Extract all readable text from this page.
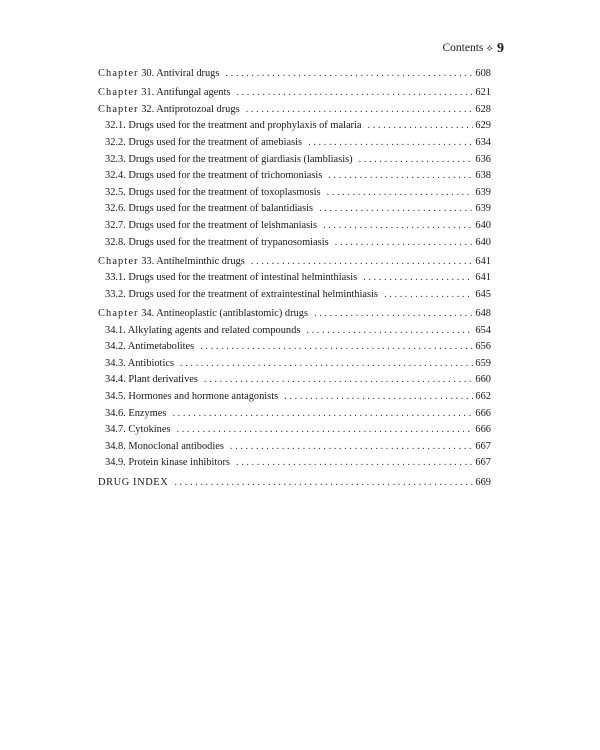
Contents ⟡ 9
Chapter 30. Antiviral drugs . . .	608
Chapter 31. Antifungal agents . . .	621
Chapter 32. Antiprotozoal drugs . . .	628
32.1. Drugs used for the treatment and prophylaxis of malaria . . .	629
32.2. Drugs used for the treatment of amebiasis . . .	634
32.3. Drugs used for the treatment of giardiasis (lambliasis) . . .	636
32.4. Drugs used for the treatment of trichomoniasis . . .	638
32.5. Drugs used for the treatment of toxoplasmosis . . .	639
32.6. Drugs used for the treatment of balantidiasis . . .	639
32.7. Drugs used for the treatment of leishmaniasis . . .	640
32.8. Drugs used for the treatment of trypanosomiasis . . .	640
Chapter 33. Antihelminthic drugs . . .	641
33.1. Drugs used for the treatment of intestinal helminthiasis . . .	641
33.2. Drugs used for the treatment of extraintestinal helminthiasis . . .	645
Chapter 34. Antineoplastic (antiblastomic) drugs . . .	648
34.1. Alkylating agents and related compounds . . .	654
34.2. Antimetabolites . . .	656
34.3. Antibiotics . . .	659
34.4. Plant derivatives . . .	660
34.5. Hormones and hormone antagonists . . .	662
34.6. Enzymes . . .	666
34.7. Cytokines . . .	666
34.8. Monoclonal antibodies . . .	667
34.9. Protein kinase inhibitors . . .	667
DRUG INDEX . . .	669
